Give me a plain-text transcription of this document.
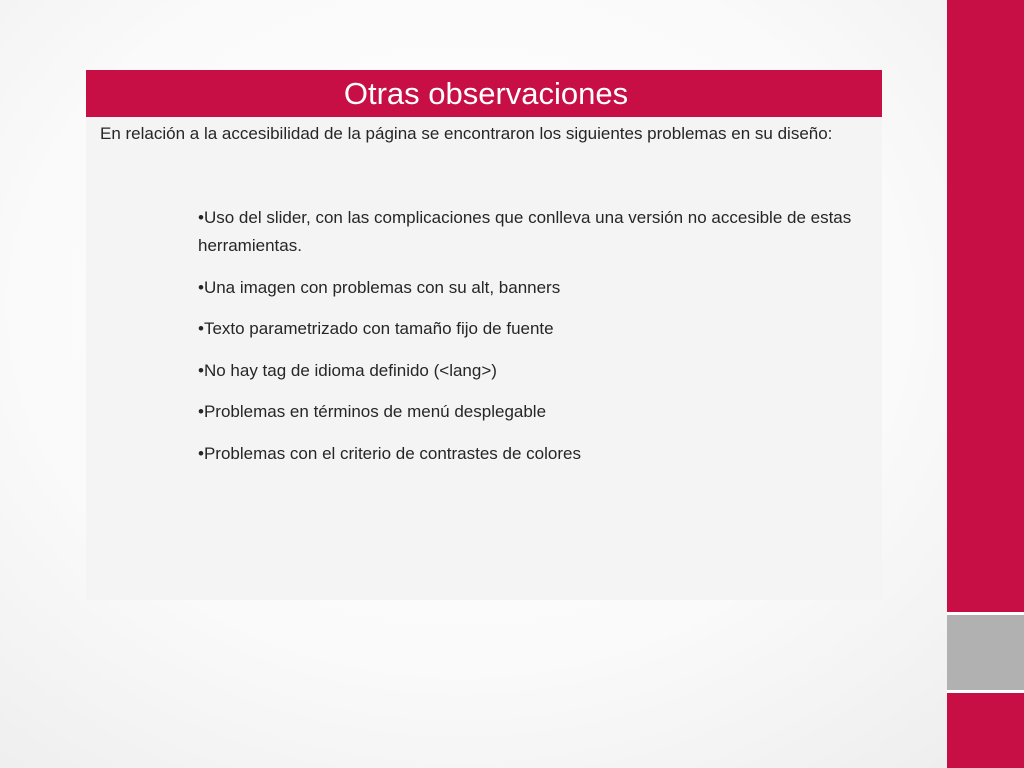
Otras observaciones
En relación a la accesibilidad de la página se encontraron los siguientes problemas en su diseño:
•Uso del slider, con las complicaciones que conlleva una versión no accesible de estas herramientas.
•Una imagen con problemas con su alt, banners
•Texto parametrizado con tamaño fijo de fuente
•No hay tag de idioma definido (<lang>)
•Problemas en términos de menú desplegable
•Problemas con el criterio de contrastes de colores
